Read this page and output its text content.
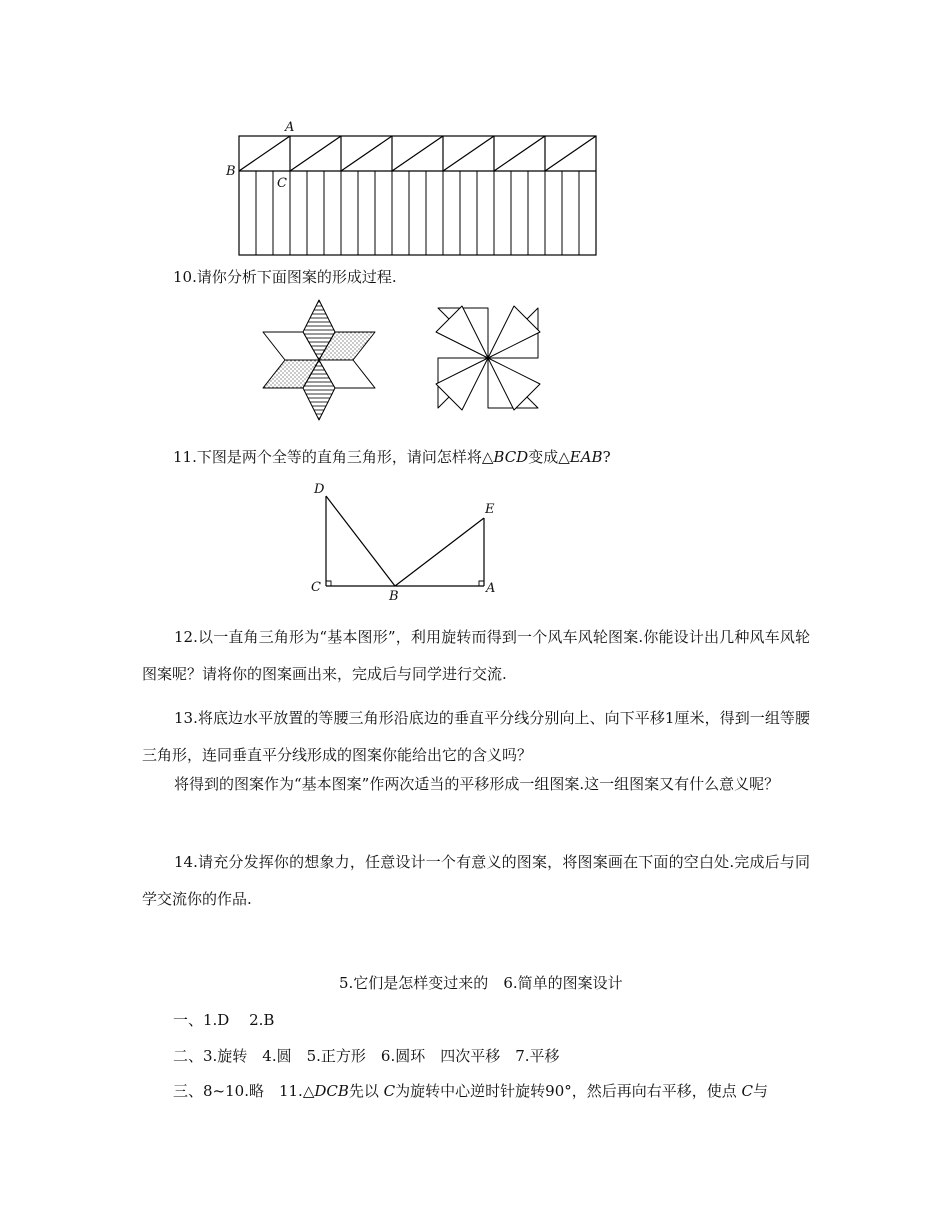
A
B
C
10.请你分析下面图案的形成过程.
11.下图是两个全等的直角三角形，请问怎样将△BCD变成△EAB?
D
E
C
B
A
12.以一直角三角形为“基本图形”，利用旋转而得到一个风车风轮图案.你能设计出几种风车风轮图案呢？请将你的图案画出来，完成后与同学进行交流.
13.将底边水平放置的等腰三角形沿底边的垂直平分线分别向上、向下平移1厘米，得到一组等腰三角形，连同垂直平分线形成的图案你能给出它的含义吗？
将得到的图案作为“基本图案”作两次适当的平移形成一组图案.这一组图案又有什么意义呢？
14.请充分发挥你的想象力，任意设计一个有意义的图案，将图案画在下面的空白处.完成后与同学交流你的作品.
5.它们是怎样变过来的　6.简单的图案设计
一、1.D　 2.B
二、3.旋转　4.圆　5.正方形　6.圆环　四次平移　7.平移
三、8~10.略　11.△DCB先以 C为旋转中心逆时针旋转90°，然后再向右平移，使点 C与
